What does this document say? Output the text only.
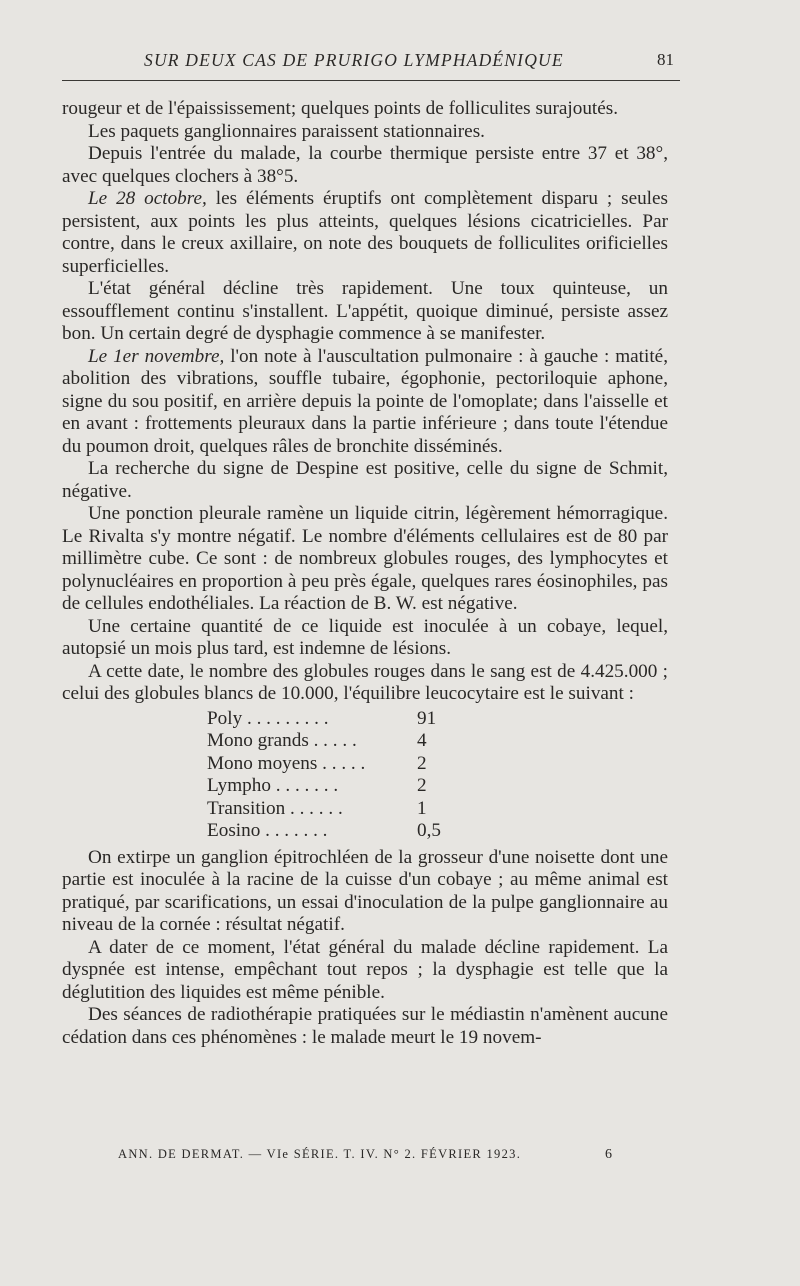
SUR DEUX CAS DE PRURIGO LYMPHADÉNIQUE	81

rougeur et de l'épaississement; quelques points de folliculites surajoutés.

Les paquets ganglionnaires paraissent stationnaires.

Depuis l'entrée du malade, la courbe thermique persiste entre 37 et 38°, avec quelques clochers à 38°5.

Le 28 octobre, les éléments éruptifs ont complètement disparu ; seules persistent, aux points les plus atteints, quelques lésions cicatricielles. Par contre, dans le creux axillaire, on note des bouquets de folliculites orificielles superficielles.

L'état général décline très rapidement. Une toux quinteuse, un essoufflement continu s'installent. L'appétit, quoique diminué, persiste assez bon. Un certain degré de dysphagie commence à se manifester.

Le 1er novembre, l'on note à l'auscultation pulmonaire : à gauche : matité, abolition des vibrations, souffle tubaire, égophonie, pectoriloquie aphone, signe du sou positif, en arrière depuis la pointe de l'omoplate; dans l'aisselle et en avant : frottements pleuraux dans la partie inférieure ; dans toute l'étendue du poumon droit, quelques râles de bronchite disséminés.

La recherche du signe de Despine est positive, celle du signe de Schmit, négative.

Une ponction pleurale ramène un liquide citrin, légèrement hémorragique. Le Rivalta s'y montre négatif. Le nombre d'éléments cellulaires est de 80 par millimètre cube. Ce sont : de nombreux globules rouges, des lymphocytes et polynucléaires en proportion à peu près égale, quelques rares éosinophiles, pas de cellules endothéliales. La réaction de B. W. est négative.

Une certaine quantité de ce liquide est inoculée à un cobaye, lequel, autopsié un mois plus tard, est indemne de lésions.

A cette date, le nombre des globules rouges dans le sang est de 4.425.000 ; celui des globules blancs de 10.000, l'équilibre leucocytaire est le suivant :

Poly . . . . . . . . .	91
Mono grands . . . . .	4
Mono moyens . . . . .	2
Lympho . . . . . . .	2
Transition . . . . . .	1
Eosino . . . . . . .	0,5

On extirpe un ganglion épitrochléen de la grosseur d'une noisette dont une partie est inoculée à la racine de la cuisse d'un cobaye ; au même animal est pratiqué, par scarifications, un essai d'inoculation de la pulpe ganglionnaire au niveau de la cornée : résultat négatif.

A dater de ce moment, l'état général du malade décline rapidement. La dyspnée est intense, empêchant tout repos ; la dysphagie est telle que la déglutition des liquides est même pénible.

Des séances de radiothérapie pratiquées sur le médiastin n'amènent aucune cédation dans ces phénomènes : le malade meurt le 19 novem-

ANN. DE DERMAT. — VIe SÉRIE. T. IV. N° 2. FÉVRIER 1923.	6
